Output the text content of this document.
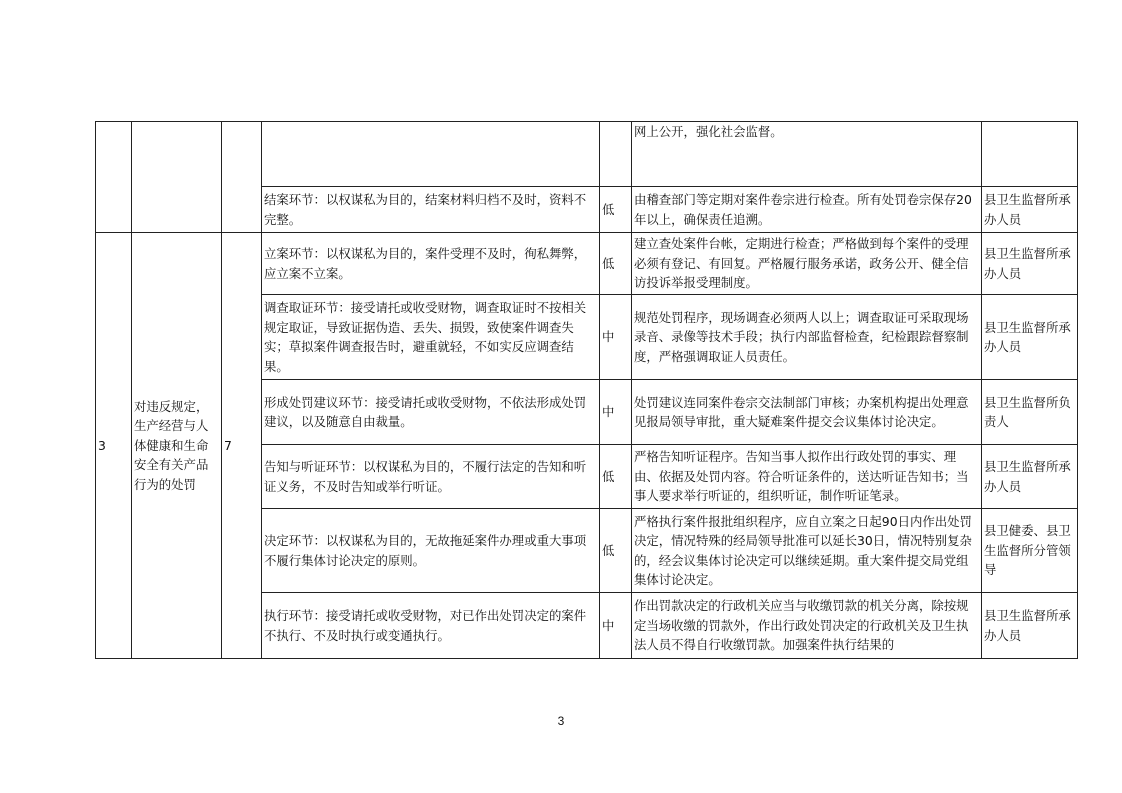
					网上公开，强化社会监督。	
			结案环节：以权谋私为目的，结案材料归档不及时，资料不完整。	低	由稽查部门等定期对案件卷宗进行检查。所有处罚卷宗保存20年以上，确保责任追溯。	县卫生监督所承办人员
3	对违反规定，生产经营与人体健康和生命安全有关产品行为的处罚	7	立案环节：以权谋私为目的，案件受理不及时，徇私舞弊，应立案不立案。	低	建立查处案件台帐，定期进行检查；严格做到每个案件的受理必须有登记、有回复。严格履行服务承诺，政务公开、健全信访投诉举报受理制度。	县卫生监督所承办人员
			调查取证环节：接受请托或收受财物，调查取证时不按相关规定取证，导致证据伪造、丢失、损毁，致使案件调查失实；草拟案件调查报告时，避重就轻，不如实反应调查结果。	中	规范处罚程序，现场调查必须两人以上；调查取证可采取现场录音、录像等技术手段；执行内部监督检查，纪检跟踪督察制度，严格强调取证人员责任。	县卫生监督所承办人员
			形成处罚建议环节：接受请托或收受财物，不依法形成处罚建议，以及随意自由裁量。	中	处罚建议连同案件卷宗交法制部门审核；办案机构提出处理意见报局领导审批，重大疑难案件提交会议集体讨论决定。	县卫生监督所负责人
			告知与听证环节：以权谋私为目的，不履行法定的告知和听证义务，不及时告知或举行听证。	低	严格告知听证程序。告知当事人拟作出行政处罚的事实、理由、依据及处罚内容。符合听证条件的，送达听证告知书；当事人要求举行听证的，组织听证，制作听证笔录。	县卫生监督所承办人员
			决定环节：以权谋私为目的，无故拖延案件办理或重大事项不履行集体讨论决定的原则。	低	严格执行案件报批组织程序，应自立案之日起90日内作出处罚决定，情况特殊的经局领导批准可以延长30日，情况特别复杂的，经会议集体讨论决定可以继续延期。重大案件提交局党组集体讨论决定。	县卫健委、县卫生监督所分管领导
			执行环节：接受请托或收受财物，对已作出处罚决定的案件不执行、不及时执行或变通执行。	中	作出罚款决定的行政机关应当与收缴罚款的机关分离，除按规定当场收缴的罚款外，作出行政处罚决定的行政机关及卫生执法人员不得自行收缴罚款。加强案件执行结果的	县卫生监督所承办人员
3
